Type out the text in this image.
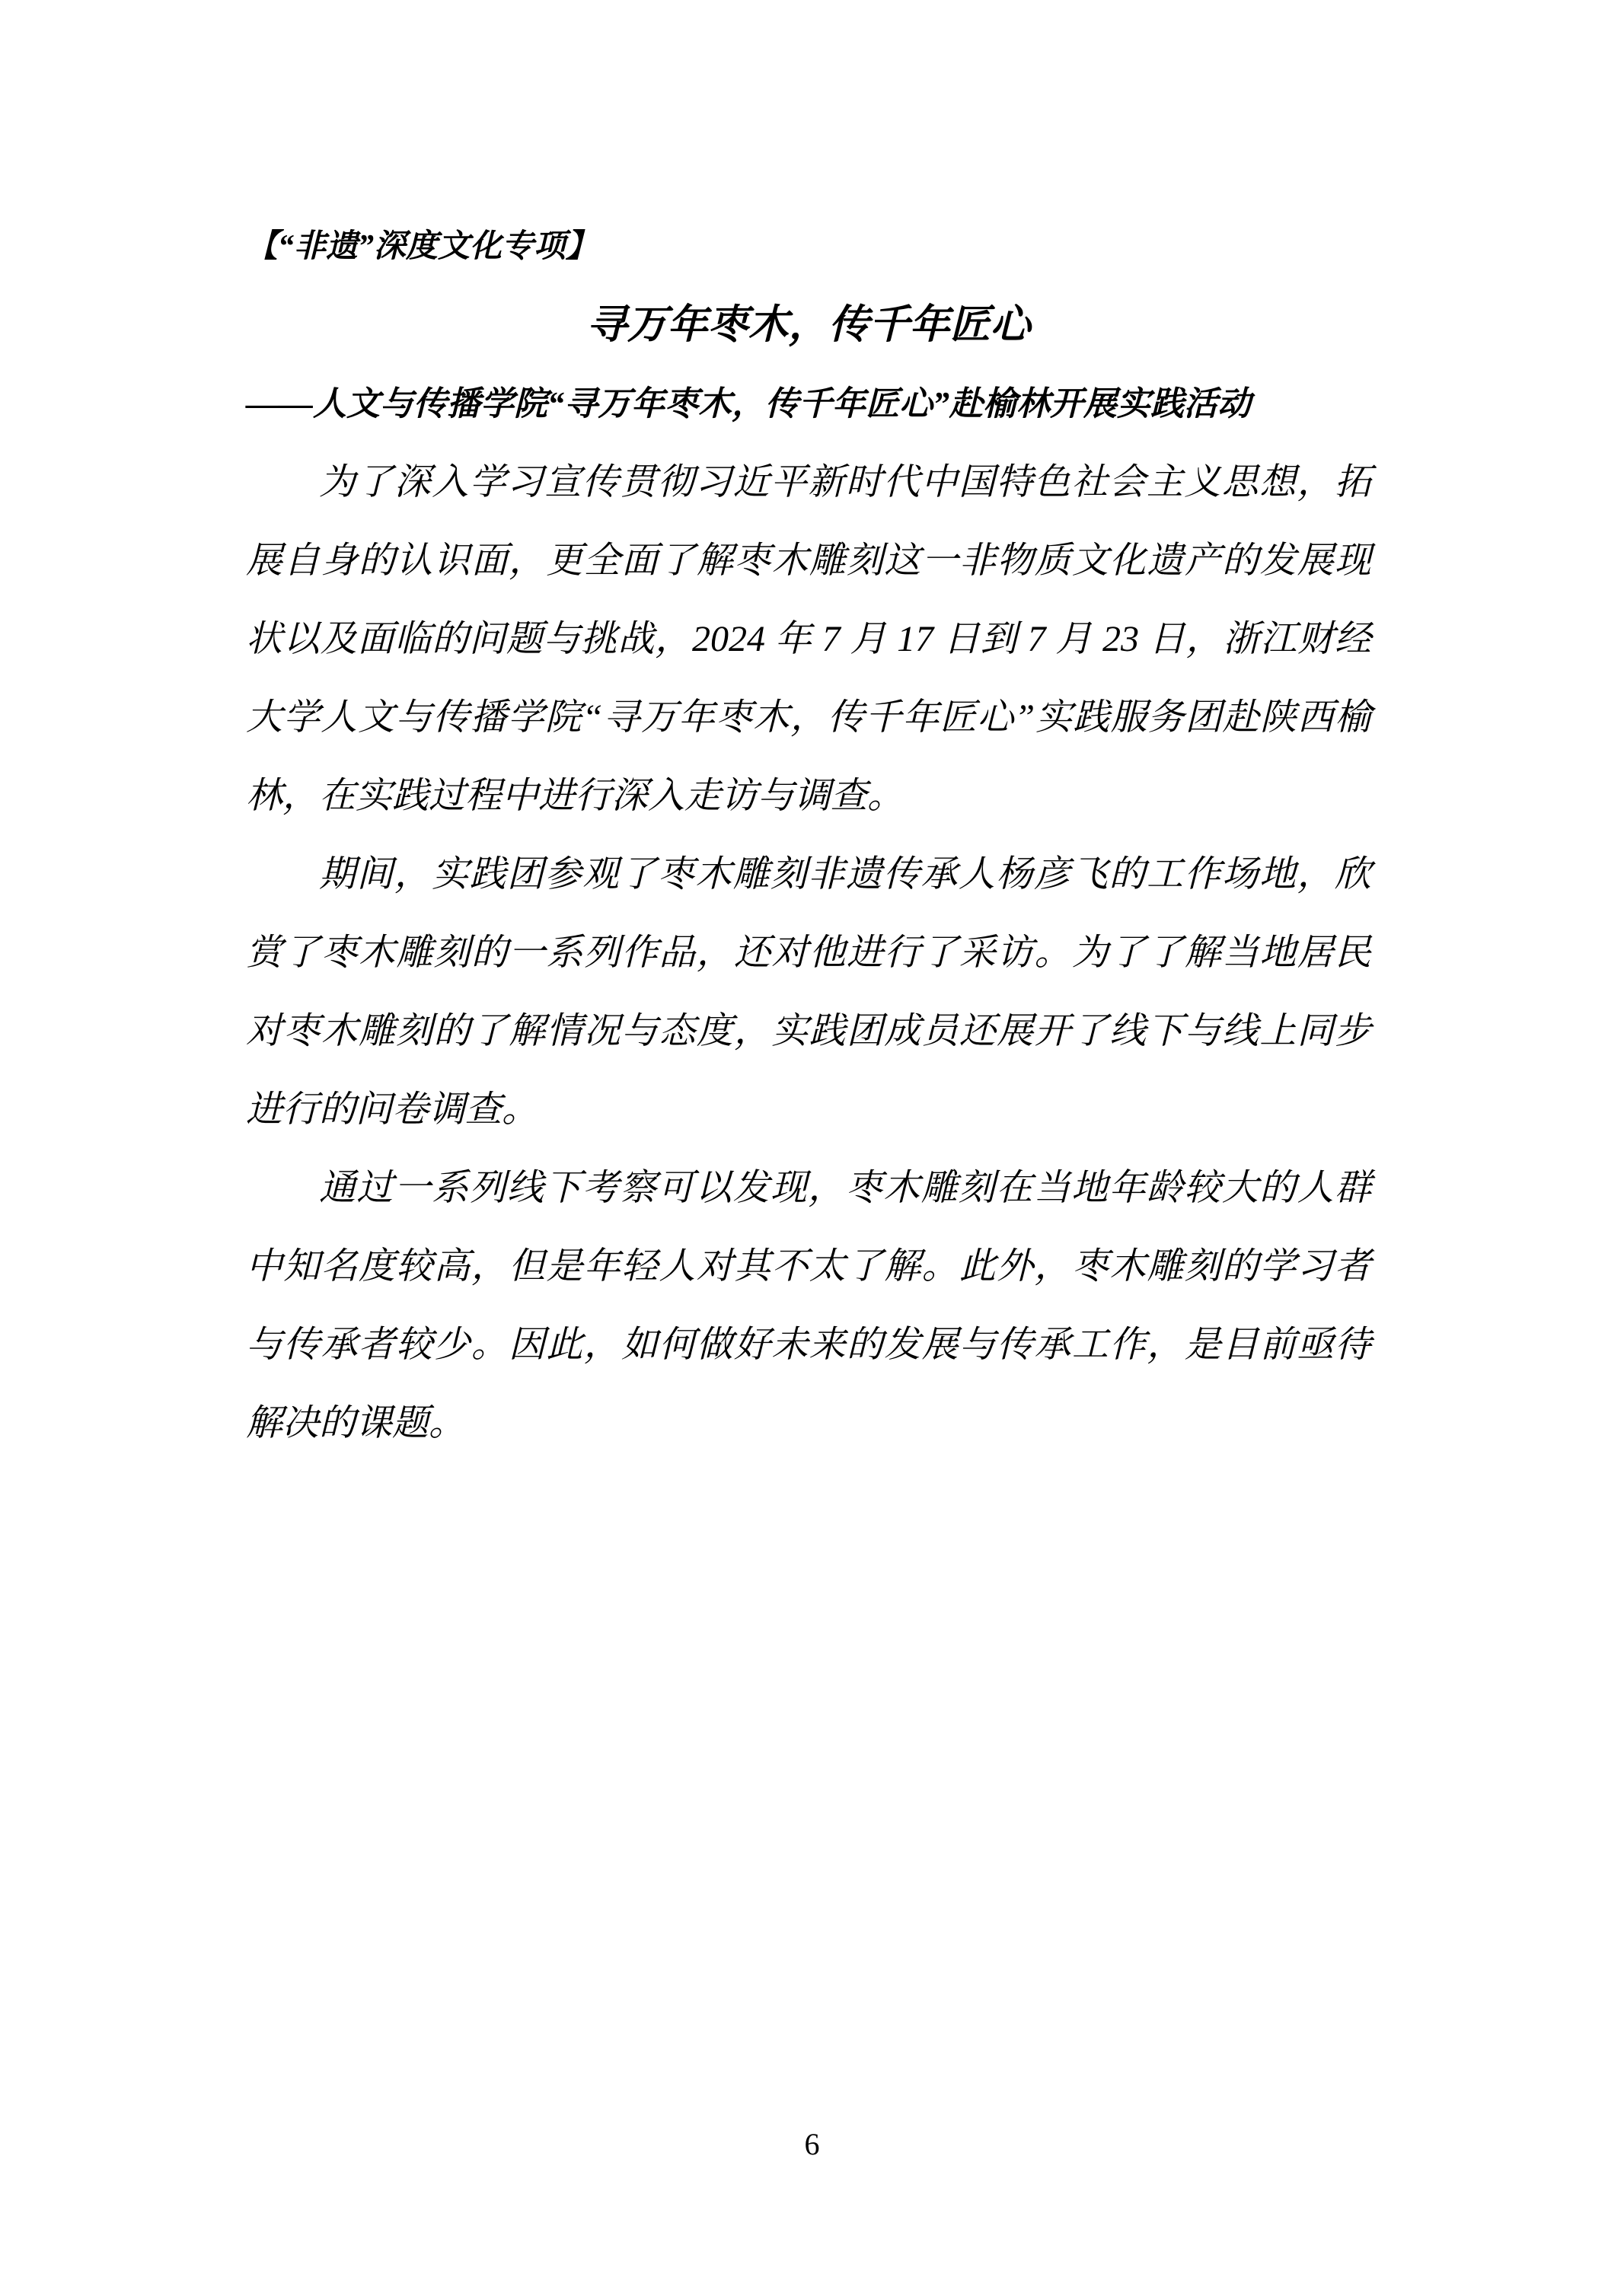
【“非遗”深度文化专项】
寻万年枣木，传千年匠心
——人文与传播学院“寻万年枣木，传千年匠心”赴榆林开展实践活动

为了深入学习宣传贯彻习近平新时代中国特色社会主义思想，拓展自身的认识面，更全面了解枣木雕刻这一非物质文化遗产的发展现状以及面临的问题与挑战，2024 年 7 月 17 日到 7 月 23 日，浙江财经大学人文与传播学院“寻万年枣木，传千年匠心”实践服务团赴陕西榆林，在实践过程中进行深入走访与调查。

期间，实践团参观了枣木雕刻非遗传承人杨彦飞的工作场地，欣赏了枣木雕刻的一系列作品，还对他进行了采访。为了了解当地居民对枣木雕刻的了解情况与态度，实践团成员还展开了线下与线上同步进行的问卷调查。

通过一系列线下考察可以发现，枣木雕刻在当地年龄较大的人群中知名度较高，但是年轻人对其不太了解。此外，枣木雕刻的学习者与传承者较少。因此，如何做好未来的发展与传承工作，是目前亟待解决的课题。

6
